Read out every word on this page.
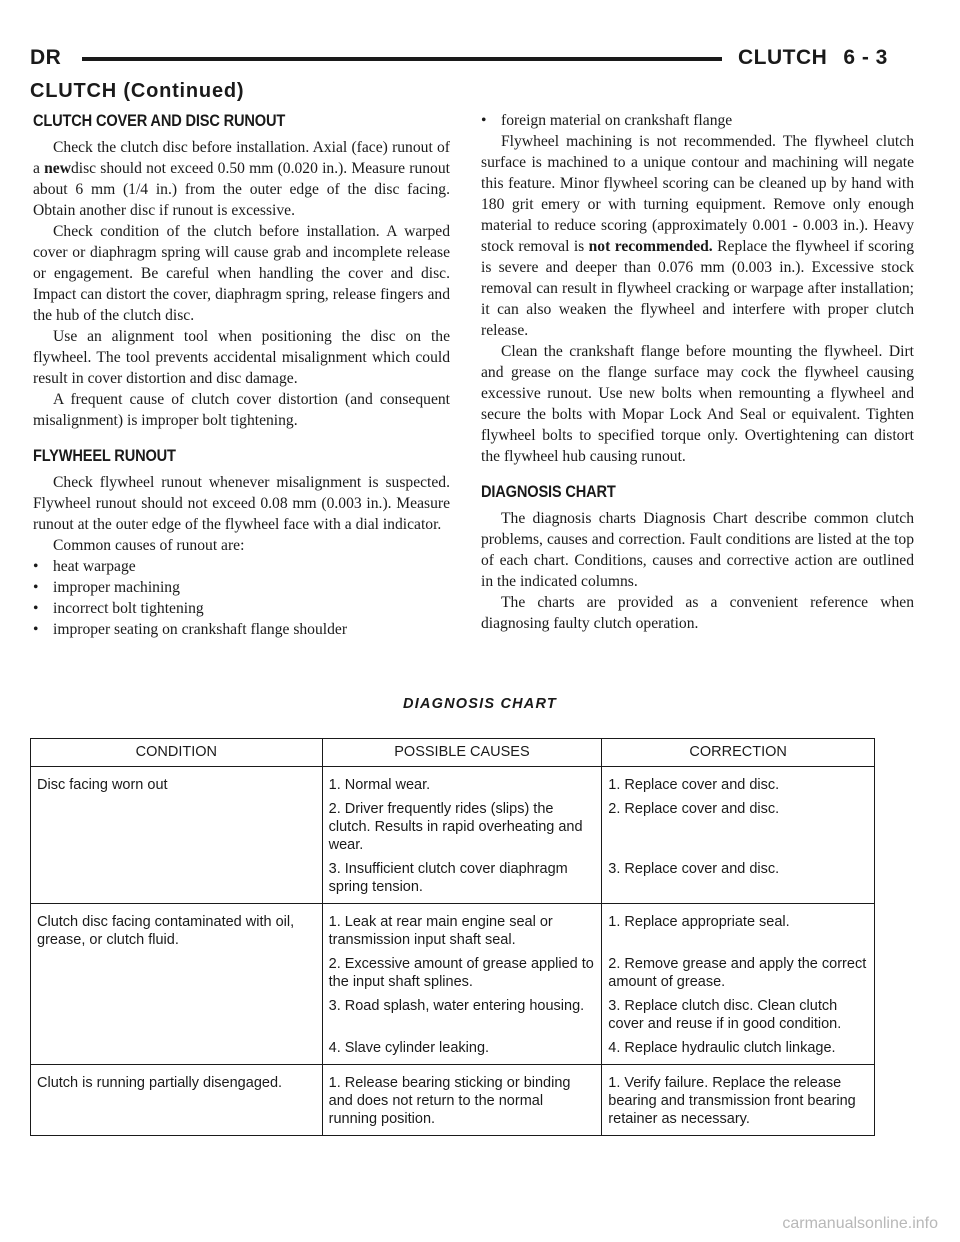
DR	CLUTCH 6 - 3
CLUTCH (Continued)
CLUTCH COVER AND DISC RUNOUT

Check the clutch disc before installation. Axial (face) runout of a newdisc should not exceed 0.50 mm (0.020 in.). Measure runout about 6 mm (1/4 in.) from the outer edge of the disc facing. Obtain another disc if runout is excessive.

Check condition of the clutch before installation. A warped cover or diaphragm spring will cause grab and incomplete release or engagement. Be careful when handling the cover and disc. Impact can distort the cover, diaphragm spring, release fingers and the hub of the clutch disc.

Use an alignment tool when positioning the disc on the flywheel. The tool prevents accidental misalignment which could result in cover distortion and disc damage.

A frequent cause of clutch cover distortion (and consequent misalignment) is improper bolt tightening.

FLYWHEEL RUNOUT

Check flywheel runout whenever misalignment is suspected. Flywheel runout should not exceed 0.08 mm (0.003 in.). Measure runout at the outer edge of the flywheel face with a dial indicator.

Common causes of runout are:

• heat warpage
• improper machining
• incorrect bolt tightening
• improper seating on crankshaft flange shoulder
• foreign material on crankshaft flange

Flywheel machining is not recommended. The flywheel clutch surface is machined to a unique contour and machining will negate this feature. Minor flywheel scoring can be cleaned up by hand with 180 grit emery or with turning equipment. Remove only enough material to reduce scoring (approximately 0.001 - 0.003 in.). Heavy stock removal is not recommended. Replace the flywheel if scoring is severe and deeper than 0.076 mm (0.003 in.). Excessive stock removal can result in flywheel cracking or warpage after installation; it can also weaken the flywheel and interfere with proper clutch release.

Clean the crankshaft flange before mounting the flywheel. Dirt and grease on the flange surface may cock the flywheel causing excessive runout. Use new bolts when remounting a flywheel and secure the bolts with Mopar Lock And Seal or equivalent. Tighten flywheel bolts to specified torque only. Overtightening can distort the flywheel hub causing runout.

DIAGNOSIS CHART

The diagnosis charts Diagnosis Chart describe common clutch problems, causes and correction. Fault conditions are listed at the top of each chart. Conditions, causes and corrective action are outlined in the indicated columns.

The charts are provided as a convenient reference when diagnosing faulty clutch operation.

DIAGNOSIS CHART
CONDITION	POSSIBLE CAUSES	CORRECTION
Disc facing worn out	1. Normal wear.	1. Replace cover and disc.
	2. Driver frequently rides (slips) the clutch. Results in rapid overheating and wear.	2. Replace cover and disc.
	3. Insufficient clutch cover diaphragm spring tension.	3. Replace cover and disc.
Clutch disc facing contaminated with oil, grease, or clutch fluid.	1. Leak at rear main engine seal or transmission input shaft seal.	1. Replace appropriate seal.
	2. Excessive amount of grease applied to the input shaft splines.	2. Remove grease and apply the correct amount of grease.
	3. Road splash, water entering housing.	3. Replace clutch disc. Clean clutch cover and reuse if in good condition.
	4. Slave cylinder leaking.	4. Replace hydraulic clutch linkage.
Clutch is running partially disengaged.	1. Release bearing sticking or binding and does not return to the normal running position.	1. Verify failure. Replace the release bearing and transmission front bearing retainer as necessary.
carmanualsonline.info
